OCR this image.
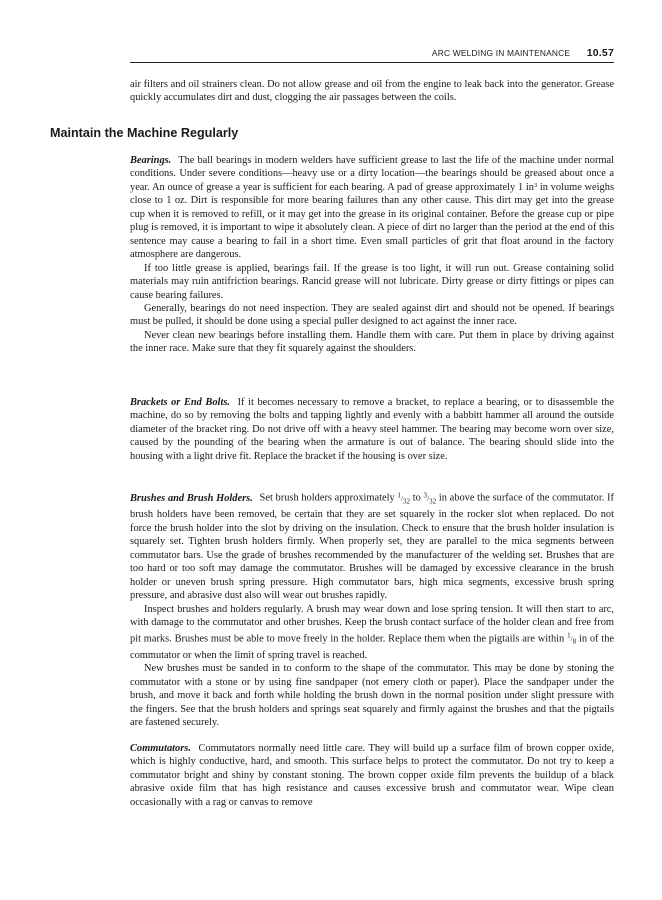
ARC WELDING IN MAINTENANCE 10.57

air filters and oil strainers clean. Do not allow grease and oil from the engine to leak back into the generator. Grease quickly accumulates dirt and dust, clogging the air passages between the coils.

Maintain the Machine Regularly

Bearings. The ball bearings in modern welders have sufficient grease to last the life of the machine under normal conditions. Under severe conditions—heavy use or a dirty location—the bearings should be greased about once a year. An ounce of grease a year is sufficient for each bearing. A pad of grease approximately 1 $in^3$ in volume weighs close to 1 oz. Dirt is responsible for more bearing failures than any other cause. This dirt may get into the grease cup when it is removed to refill, or it may get into the grease in its original container. Before the grease cup or pipe plug is removed, it is important to wipe it absolutely clean. A piece of dirt no larger than the period at the end of this sentence may cause a bearing to fail in a short time. Even small particles of grit that float around in the factory atmosphere are dangerous.

If too little grease is applied, bearings fail. If the grease is too light, it will run out. Grease containing solid materials may ruin antifriction bearings. Rancid grease will not lubricate. Dirty grease or dirty fittings or pipes can cause bearing failures.

Generally, bearings do not need inspection. They are sealed against dirt and should not be opened. If bearings must be pulled, it should be done using a special puller designed to act against the inner race.

Never clean new bearings before installing them. Handle them with care. Put them in place by driving against the inner race. Make sure that they fit squarely against the shoulders.

Brackets or End Bolts. If it becomes necessary to remove a bracket, to replace a bearing, or to disassemble the machine, do so by removing the bolts and tapping lightly and evenly with a babbitt hammer all around the outside diameter of the bracket ring. Do not drive off with a heavy steel hammer. The bearing may become worn over size, caused by the pounding of the bearing when the armature is out of balance. The bearing should slide into the housing with a light drive fit. Replace the bracket if the housing is over size.

Brushes and Brush Holders. Set brush holders approximately $^1/_{32}$ to $^3/_{32}$ in above the surface of the commutator. If brush holders have been removed, be certain that they are set squarely in the rocker slot when replaced. Do not force the brush holder into the slot by driving on the insulation. Check to ensure that the brush holder insulation is squarely set. Tighten brush holders firmly. When properly set, they are parallel to the mica segments between commutator bars. Use the grade of brushes recommended by the manufacturer of the welding set. Brushes that are too hard or too soft may damage the commutator. Brushes will be damaged by excessive clearance in the brush holder or uneven brush spring pressure. High commutator bars, high mica segments, excessive brush spring pressure, and abrasive dust also will wear out brushes rapidly.

Inspect brushes and holders regularly. A brush may wear down and lose spring tension. It will then start to arc, with damage to the commutator and other brushes. Keep the brush contact surface of the holder clean and free from pit marks. Brushes must be able to move freely in the holder. Replace them when the pigtails are within $^1/_8$ in of the commutator or when the limit of spring travel is reached.

New brushes must be sanded in to conform to the shape of the commutator. This may be done by stoning the commutator with a stone or by using fine sandpaper (not emery cloth or paper). Place the sandpaper under the brush, and move it back and forth while holding the brush down in the normal position under slight pressure with the fingers. See that the brush holders and springs seat squarely and firmly against the brushes and that the pigtails are fastened securely.

Commutators. Commutators normally need little care. They will build up a surface film of brown copper oxide, which is highly conductive, hard, and smooth. This surface helps to protect the commutator. Do not try to keep a commutator bright and shiny by constant stoning. The brown copper oxide film prevents the buildup of a black abrasive oxide film that has high resistance and causes excessive brush and commutator wear. Wipe clean occasionally with a rag or canvas to remove
